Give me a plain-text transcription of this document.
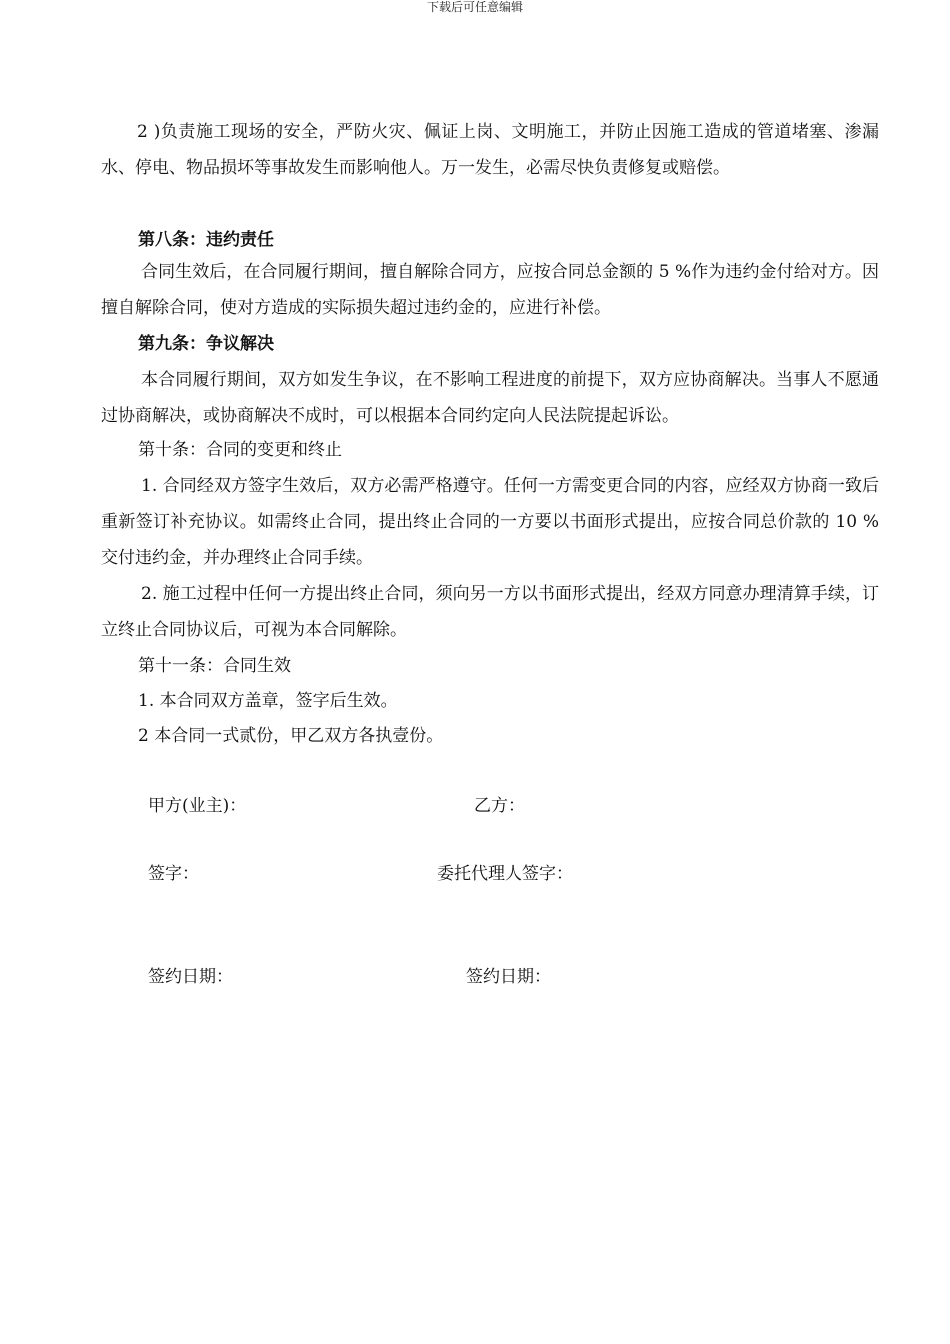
下载后可任意编辑

2 )负责施工现场的安全，严防火灾、佩证上岗、文明施工，并防止因施工造成的管道堵塞、渗漏水、停电、物品损坏等事故发生而影响他人。万一发生，必需尽快负责修复或赔偿。

第八条：违约责任

合同生效后，在合同履行期间，擅自解除合同方，应按合同总金额的 5 %作为违约金付给对方。因擅自解除合同，使对方造成的实际损失超过违约金的，应进行补偿。

第九条：争议解决

本合同履行期间，双方如发生争议，在不影响工程进度的前提下，双方应协商解决。当事人不愿通过协商解决，或协商解决不成时，可以根据本合同约定向人民法院提起诉讼。

第十条：合同的变更和终止

1. 合同经双方签字生效后，双方必需严格遵守。任何一方需变更合同的内容，应经双方协商一致后重新签订补充协议。如需终止合同，提出终止合同的一方要以书面形式提出，应按合同总价款的 10 %交付违约金，并办理终止合同手续。

2. 施工过程中任何一方提出终止合同，须向另一方以书面形式提出，经双方同意办理清算手续，订立终止合同协议后，可视为本合同解除。

第十一条：合同生效
1. 本合同双方盖章，签字后生效。
2 本合同一式贰份，甲乙双方各执壹份。
甲方(业主)：	乙方：
签字：	委托代理人签字：
签约日期：	签约日期：
